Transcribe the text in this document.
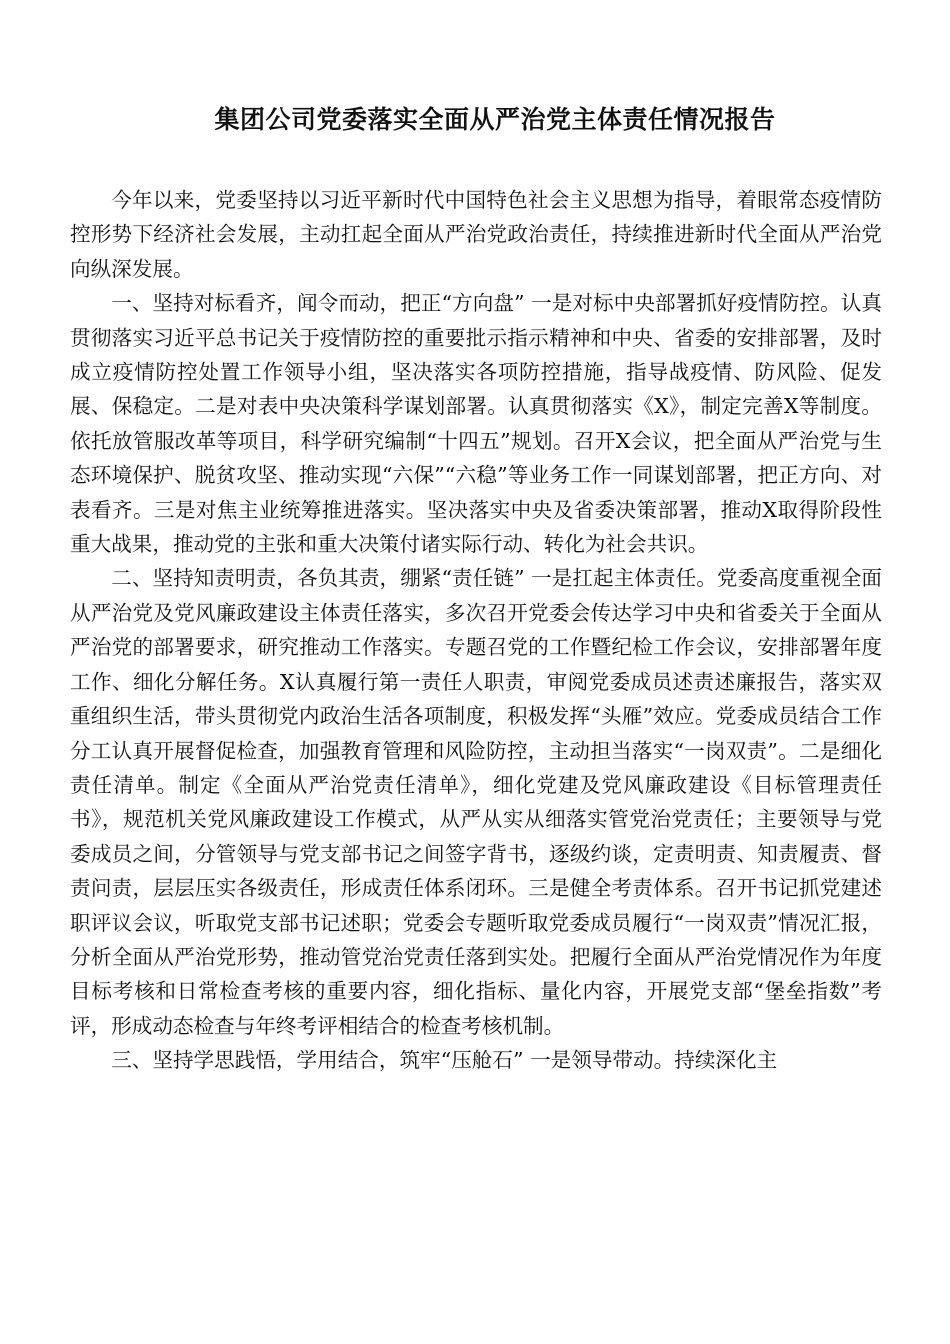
集团公司党委落实全面从严治党主体责任情况报告

今年以来，党委坚持以习近平新时代中国特色社会主义思想为指导，着眼常态疫情防控形势下经济社会发展，主动扛起全面从严治党政治责任，持续推进新时代全面从严治党向纵深发展。

一、坚持对标看齐，闻令而动，把正“方向盘” 一是对标中央部署抓好疫情防控。认真贯彻落实习近平总书记关于疫情防控的重要批示指示精神和中央、省委的安排部署，及时成立疫情防控处置工作领导小组，坚决落实各项防控措施，指导战疫情、防风险、促发展、保稳定。二是对表中央决策科学谋划部署。认真贯彻落实《X》，制定完善X等制度。依托放管服改革等项目，科学研究编制“十四五”规划。召开X会议，把全面从严治党与生态环境保护、脱贫攻坚、推动实现“六保”“六稳”等业务工作一同谋划部署，把正方向、对表看齐。三是对焦主业统筹推进落实。坚决落实中央及省委决策部署，推动X取得阶段性重大战果，推动党的主张和重大决策付诸实际行动、转化为社会共识。

二、坚持知责明责，各负其责，绷紧“责任链” 一是扛起主体责任。党委高度重视全面从严治党及党风廉政建设主体责任落实，多次召开党委会传达学习中央和省委关于全面从严治党的部署要求，研究推动工作落实。专题召党的工作暨纪检工作会议，安排部署年度工作、细化分解任务。X认真履行第一责任人职责，审阅党委成员述责述廉报告，落实双重组织生活，带头贯彻党内政治生活各项制度，积极发挥“头雁”效应。党委成员结合工作分工认真开展督促检查，加强教育管理和风险防控，主动担当落实“一岗双责”。二是细化责任清单。制定《全面从严治党责任清单》，细化党建及党风廉政建设《目标管理责任书》，规范机关党风廉政建设工作模式，从严从实从细落实管党治党责任；主要领导与党委成员之间，分管领导与党支部书记之间签字背书，逐级约谈，定责明责、知责履责、督责问责，层层压实各级责任，形成责任体系闭环。三是健全考责体系。召开书记抓党建述职评议会议，听取党支部书记述职；党委会专题听取党委成员履行“一岗双责”情况汇报，分析全面从严治党形势，推动管党治党责任落到实处。把履行全面从严治党情况作为年度目标考核和日常检查考核的重要内容，细化指标、量化内容，开展党支部“堡垒指数”考评，形成动态检查与年终考评相结合的检查考核机制。

三、坚持学思践悟，学用结合，筑牢“压舱石” 一是领导带动。持续深化主
